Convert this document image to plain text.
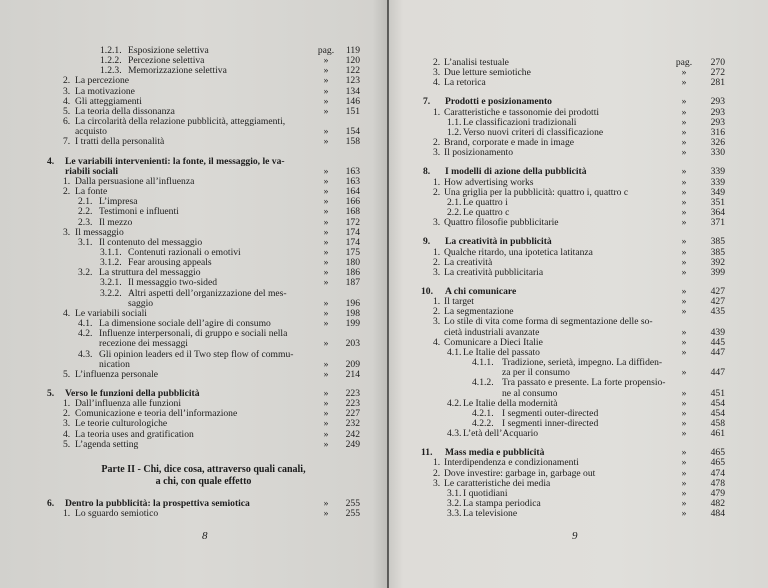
1.2.1. Esposizione selettiva	pag. 119
1.2.2. Percezione selettiva	»	120
1.2.3. Memorizzazione selettiva	»	122
2. La percezione	»	123
3. La motivazione	»	134
4. Gli atteggiamenti	»	146
5. La teoria della dissonanza	»	151
6. La circolarità della relazione pubblicità, atteggiamenti,
acquisto	»	154
7. I tratti della personalità	»	158
4. Le variabili intervenienti: la fonte, il messaggio, le va-
riabili sociali	»	163
1. Dalla persuasione all’influenza	»	163
2. La fonte	»	164
2.1. L’impresa	»	166
2.2. Testimoni e influenti	»	168
2.3. Il mezzo	»	172
3. Il messaggio	»	174
3.1. Il contenuto del messaggio	»	174
3.1.1. Contenuti razionali o emotivi	»	175
3.1.2. Fear arousing appeals	»	180
3.2. La struttura del messaggio	»	186
3.2.1. Il messaggio two-sided	»	187
3.2.2. Altri aspetti dell’organizzazione del mes-
saggio	»	196
4. Le variabili sociali	»	198
4.1. La dimensione sociale dell’agire di consumo	»	199
4.2. Influenze interpersonali, di gruppo e sociali nella
recezione dei messaggi	»	203
4.3. Gli opinion leaders ed il Two step flow of commu-
nication	»	209
5. L’influenza personale	»	214
5. Verso le funzioni della pubblicità	»	223
1. Dall’influenza alle funzioni	»	223
2. Comunicazione e teoria dell’informazione	»	227
3. Le teorie culturologiche	»	232
4. La teoria uses and gratification	»	242
5. L’agenda setting	»	249
Parte II - Chi, dice cosa, attraverso quali canali,
a chi, con quale effetto
6. Dentro la pubblicità: la prospettiva semiotica	»	255
1. Lo sguardo semiotico	»	255
2. L’analisi testuale	pag. 270
3. Due letture semiotiche	»	272
4. La retorica	»	281
7. Prodotti e posizionamento	»	293
1. Caratteristiche e tassonomie dei prodotti	»	293
1.1. Le classificazioni tradizionali	»	293
1.2. Verso nuovi criteri di classificazione	»	316
2. Brand, corporate e made in image	»	326
3. Il posizionamento	»	330
8. I modelli di azione della pubblicità	»	339
1. How advertising works	»	339
2. Una griglia per la pubblicità: quattro i, quattro c	»	349
2.1. Le quattro i	»	351
2.2. Le quattro c	»	364
3. Quattro filosofie pubblicitarie	»	371
9. La creatività in pubblicità	»	385
1. Qualche ritardo, una ipotetica latitanza	»	385
2. La creatività	»	392
3. La creatività pubblicitaria	»	399
10. A chi comunicare	»	427
1. Il target	»	427
2. La segmentazione	»	435
3. Lo stile di vita come forma di segmentazione delle so-
cietà industriali avanzate	»	439
4. Comunicare a Dieci Italie	»	445
4.1. Le Italie del passato	»	447
4.1.1. Tradizione, serietà, impegno. La diffiden-
za per il consumo	»	447
4.1.2. Tra passato e presente. La forte propensio-
ne al consumo	»	451
4.2. Le Italie della modernità	»	454
4.2.1. I segmenti outer-directed	»	454
4.2.2. I segmenti inner-directed	»	458
4.3. L’età dell’Acquario	»	461
11. Mass media e pubblicità	»	465
1. Interdipendenza e condizionamenti	»	465
2. Dove investire: garbage in, garbage out	»	474
3. Le caratteristiche dei media	»	478
3.1. I quotidiani	»	479
3.2. La stampa periodica	»	482
3.3. La televisione	»	484
8	9
